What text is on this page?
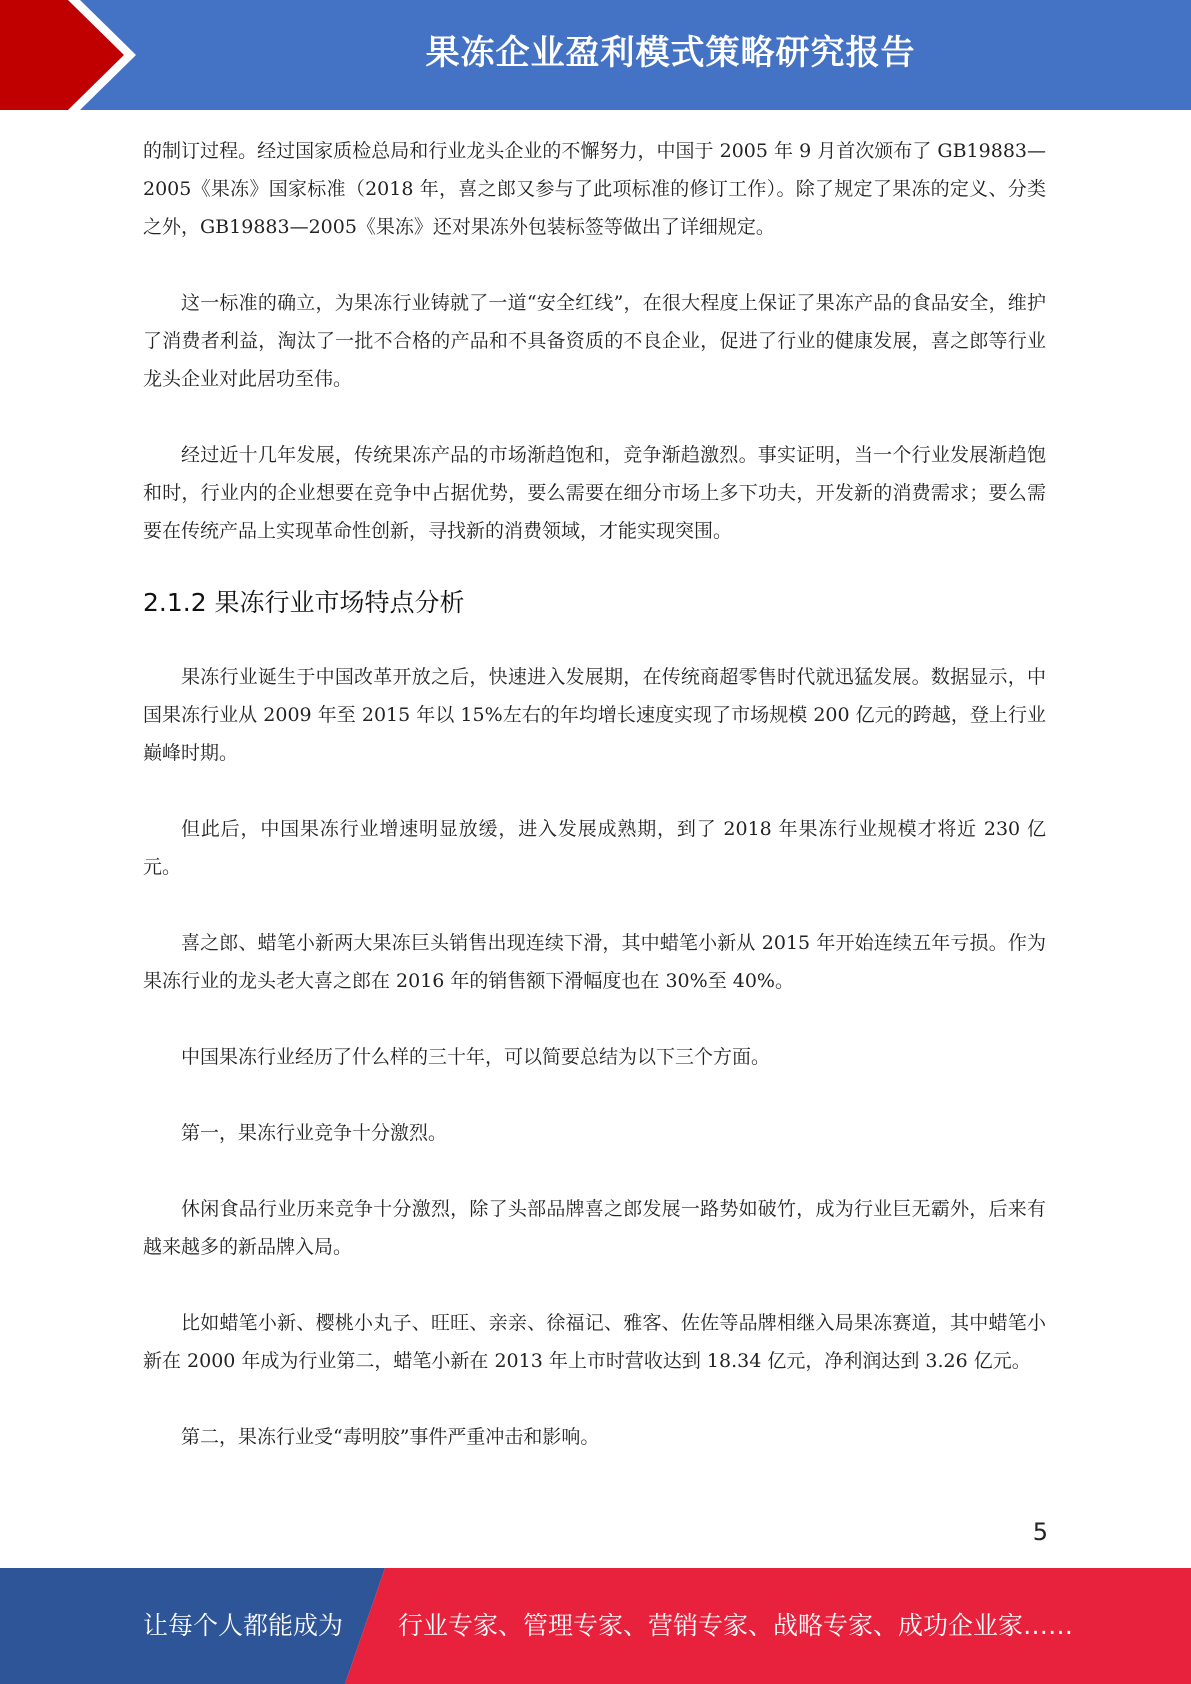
果冻企业盈利模式策略研究报告

的制订过程。经过国家质检总局和行业龙头企业的不懈努力，中国于 2005 年 9 月首次颁布了 GB19883—2005《果冻》国家标准（2018 年，喜之郎又参与了此项标准的修订工作）。除了规定了果冻的定义、分类之外，GB19883—2005《果冻》还对果冻外包装标签等做出了详细规定。

这一标准的确立，为果冻行业铸就了一道“安全红线”，在很大程度上保证了果冻产品的食品安全，维护了消费者利益，淘汰了一批不合格的产品和不具备资质的不良企业，促进了行业的健康发展，喜之郎等行业龙头企业对此居功至伟。

经过近十几年发展，传统果冻产品的市场渐趋饱和，竞争渐趋激烈。事实证明，当一个行业发展渐趋饱和时，行业内的企业想要在竞争中占据优势，要么需要在细分市场上多下功夫，开发新的消费需求；要么需要在传统产品上实现革命性创新，寻找新的消费领域，才能实现突围。

2.1.2 果冻行业市场特点分析

果冻行业诞生于中国改革开放之后，快速进入发展期，在传统商超零售时代就迅猛发展。数据显示，中国果冻行业从 2009 年至 2015 年以 15%左右的年均增长速度实现了市场规模 200 亿元的跨越，登上行业巅峰时期。

但此后，中国果冻行业增速明显放缓，进入发展成熟期，到了 2018 年果冻行业规模才将近 230 亿元。

喜之郎、蜡笔小新两大果冻巨头销售出现连续下滑，其中蜡笔小新从 2015 年开始连续五年亏损。作为果冻行业的龙头老大喜之郎在 2016 年的销售额下滑幅度也在 30%至 40%。

中国果冻行业经历了什么样的三十年，可以简要总结为以下三个方面。

第一，果冻行业竞争十分激烈。

休闲食品行业历来竞争十分激烈，除了头部品牌喜之郎发展一路势如破竹，成为行业巨无霸外，后来有越来越多的新品牌入局。

比如蜡笔小新、樱桃小丸子、旺旺、亲亲、徐福记、雅客、佐佐等品牌相继入局果冻赛道，其中蜡笔小新在 2000 年成为行业第二，蜡笔小新在 2013 年上市时营收达到 18.34 亿元，净利润达到 3.26 亿元。

第二，果冻行业受“毒明胶”事件严重冲击和影响。

5
让每个人都能成为 行业专家、管理专家、营销专家、战略专家、成功企业家……
